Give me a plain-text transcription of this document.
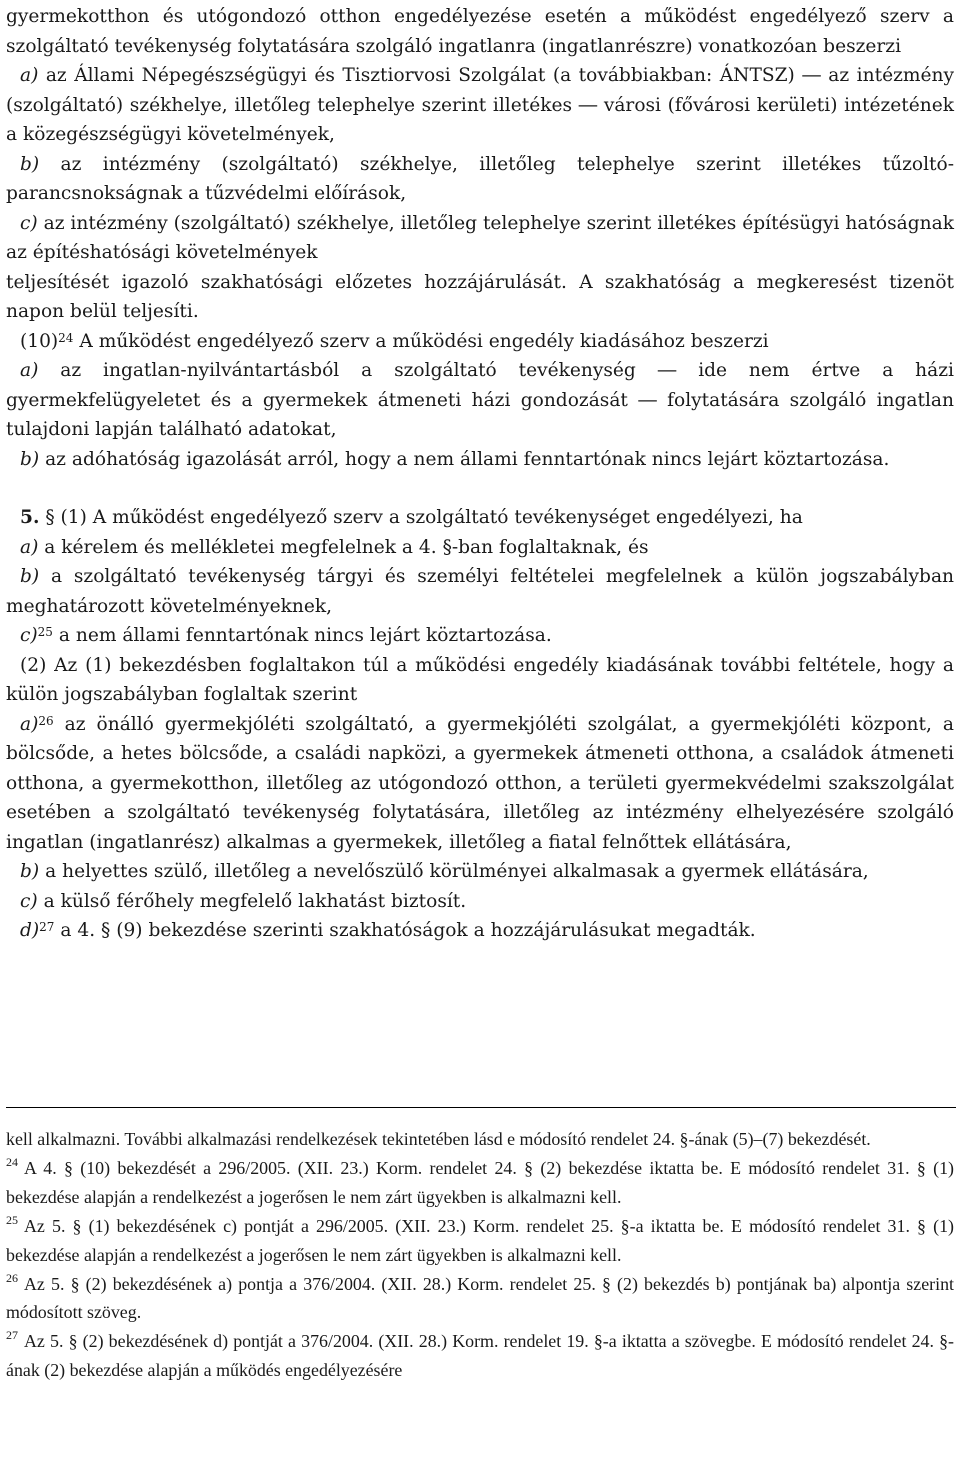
gyermekotthon és utógondozó otthon engedélyezése esetén a működést engedélyező szerv a szolgáltató tevékenység folytatására szolgáló ingatlanra (ingatlanrészre) vonatkozóan beszerzi

a) az Állami Népegészségügyi és Tisztiorvosi Szolgálat (a továbbiakban: ÁNTSZ) ― az intézmény (szolgáltató) székhelye, illetőleg telephelye szerint illetékes ― városi (fővárosi kerületi) intézetének a közegészségügyi követelmények,

b) az intézmény (szolgáltató) székhelye, illetőleg telephelye szerint illetékes tűzoltó-parancsnokságnak a tűzvédelmi előírások,

c) az intézmény (szolgáltató) székhelye, illetőleg telephelye szerint illetékes építésügyi hatóságnak az építéshatósági követelmények

teljesítését igazoló szakhatósági előzetes hozzájárulását. A szakhatóság a megkeresést tizenöt napon belül teljesíti.

$(10)^{24}$ A működést engedélyező szerv a működési engedély kiadásához beszerzi

a) az ingatlan-nyilvántartásból a szolgáltató tevékenység ― ide nem értve a házi gyermekfelügyeletet és a gyermekek átmeneti házi gondozását ― folytatására szolgáló ingatlan tulajdoni lapján található adatokat,

b) az adóhatóság igazolását arról, hogy a nem állami fenntartónak nincs lejárt köztartozása.

5. § (1) A működést engedélyező szerv a szolgáltató tevékenységet engedélyezi, ha

a) a kérelem és mellékletei megfelelnek a 4. §-ban foglaltaknak, és

b) a szolgáltató tevékenység tárgyi és személyi feltételei megfelelnek a külön jogszabályban meghatározott követelményeknek,

c)$^{25}$ a nem állami fenntartónak nincs lejárt köztartozása.

(2) Az (1) bekezdésben foglaltakon túl a működési engedély kiadásának további feltétele, hogy a külön jogszabályban foglaltak szerint

a)$^{26}$ az önálló gyermekjóléti szolgáltató, a gyermekjóléti szolgálat, a gyermekjóléti központ, a bölcsőde, a hetes bölcsőde, a családi napközi, a gyermekek átmeneti otthona, a családok átmeneti otthona, a gyermekotthon, illetőleg az utógondozó otthon, a területi gyermekvédelmi szakszolgálat esetében a szolgáltató tevékenység folytatására, illetőleg az intézmény elhelyezésére szolgáló ingatlan (ingatlanrész) alkalmas a gyermekek, illetőleg a fiatal felnőttek ellátására,

b) a helyettes szülő, illetőleg a nevelőszülő körülményei alkalmasak a gyermek ellátására,

c) a külső férőhely megfelelő lakhatást biztosít.

d)$^{27}$ a 4. § (9) bekezdése szerinti szakhatóságok a hozzájárulásukat megadták.

kell alkalmazni. További alkalmazási rendelkezések tekintetében lásd e módosító rendelet 24. §-ának (5)–(7) bekezdését.

$^{24}$ A 4. § (10) bekezdését a 296/2005. (XII. 23.) Korm. rendelet 24. § (2) bekezdése iktatta be. E módosító rendelet 31. § (1) bekezdése alapján a rendelkezést a jogerősen le nem zárt ügyekben is alkalmazni kell.

$^{25}$ Az 5. § (1) bekezdésének c) pontját a 296/2005. (XII. 23.) Korm. rendelet 25. §-a iktatta be. E módosító rendelet 31. § (1) bekezdése alapján a rendelkezést a jogerősen le nem zárt ügyekben is alkalmazni kell.

$^{26}$ Az 5. § (2) bekezdésének a) pontja a 376/2004. (XII. 28.) Korm. rendelet 25. § (2) bekezdés b) pontjának ba) alpontja szerint módosított szöveg.

$^{27}$ Az 5. § (2) bekezdésének d) pontját a 376/2004. (XII. 28.) Korm. rendelet 19. §-a iktatta a szövegbe. E módosító rendelet 24. §-ának (2) bekezdése alapján a működés engedélyezésére
